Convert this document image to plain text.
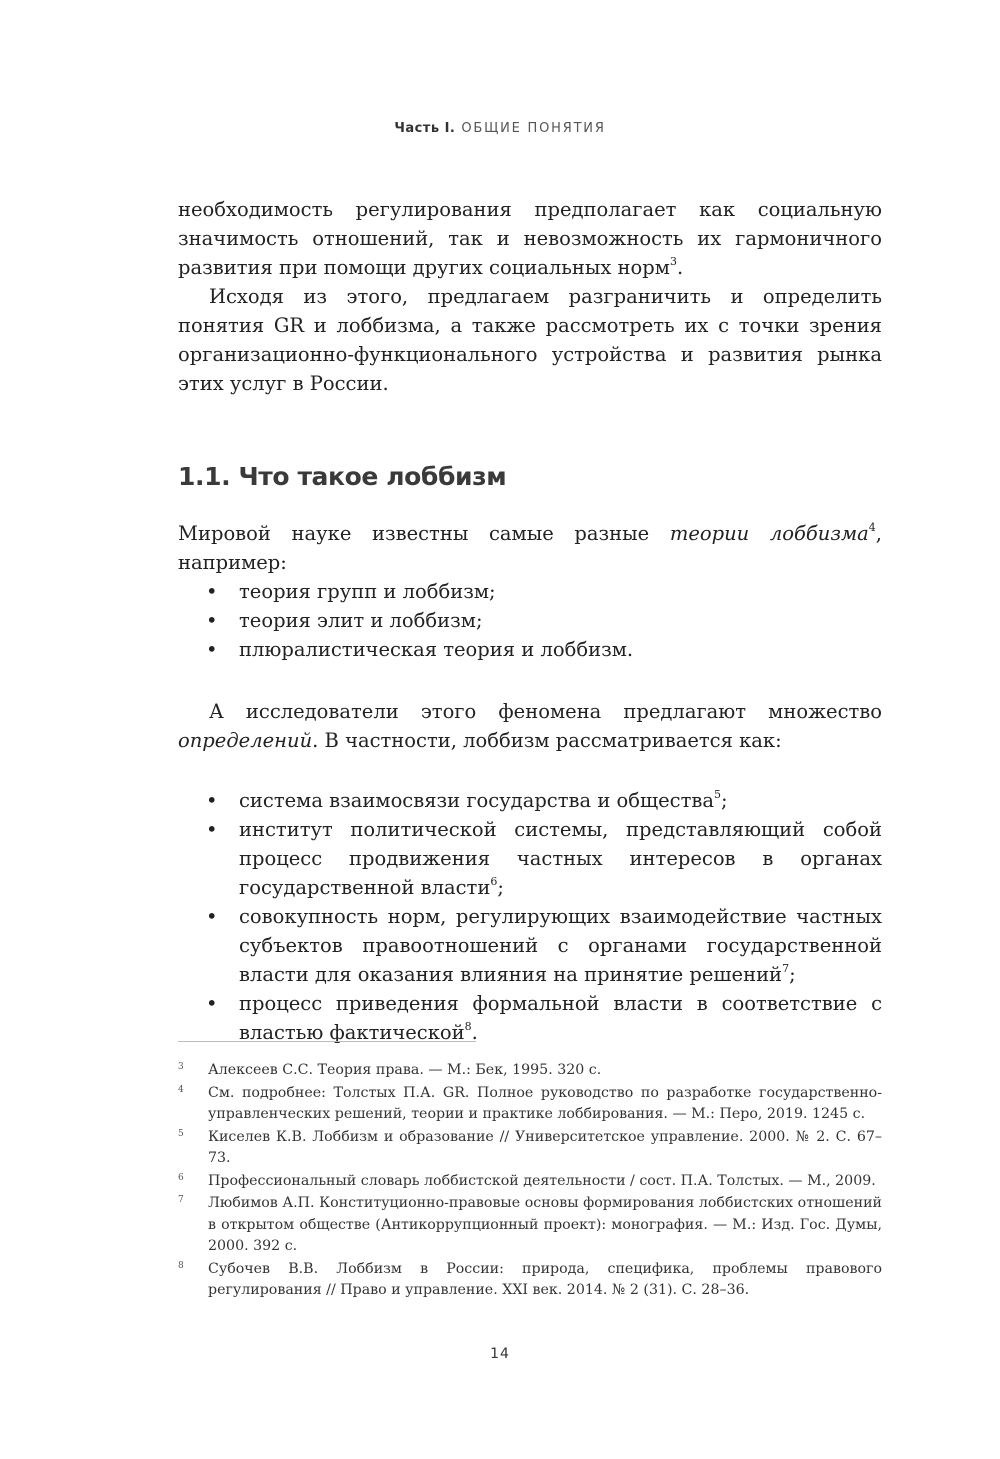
Часть I. ОБЩИЕ ПОНЯТИЯ

необходимость регулирования предполагает как социальную значимость отношений, так и невозможность их гармоничного развития при помощи других социальных норм$^3$.

Исходя из этого, предлагаем разграничить и определить понятия GR и лоббизма, а также рассмотреть их с точки зрения организационно-функционального устройства и развития рынка этих услуг в России.

1.1. Что такое лоббизм

Мировой науке известны самые разные теории лоббизма$^4$, например:

• теория групп и лоббизм;
• теория элит и лоббизм;
• плюралистическая теория и лоббизм.

А исследователи этого феномена предлагают множество определений. В частности, лоббизм рассматривается как:

• система взаимосвязи государства и общества$^5$;
• институт политической системы, представляющий собой процесс продвижения частных интересов в органах государственной власти$^6$;
• совокупность норм, регулирующих взаимодействие частных субъектов правоотношений с органами государственной власти для оказания влияния на принятие решений$^7$;
• процесс приведения формальной власти в соответствие с властью фактической$^8$.
3 Алексеев С.С. Теория права. — М.: Бек, 1995. 320 с.
4 См. подробнее: Толстых П.А. GR. Полное руководство по разработке государственно-управленческих решений, теории и практике лоббирования. — М.: Перо, 2019. 1245 с.
5 Киселев К.В. Лоббизм и образование // Университетское управление. 2000. № 2. С. 67–73.
6 Профессиональный словарь лоббистской деятельности / сост. П.А. Толстых. — М., 2009.
7 Любимов А.П. Конституционно-правовые основы формирования лоббистских отношений в открытом обществе (Антикоррупционный проект): монография. — М.: Изд. Гос. Думы, 2000. 392 с.
8 Субочев В.В. Лоббизм в России: природа, специфика, проблемы правового регулирования // Право и управление. XXI век. 2014. № 2 (31). С. 28–36.
14
